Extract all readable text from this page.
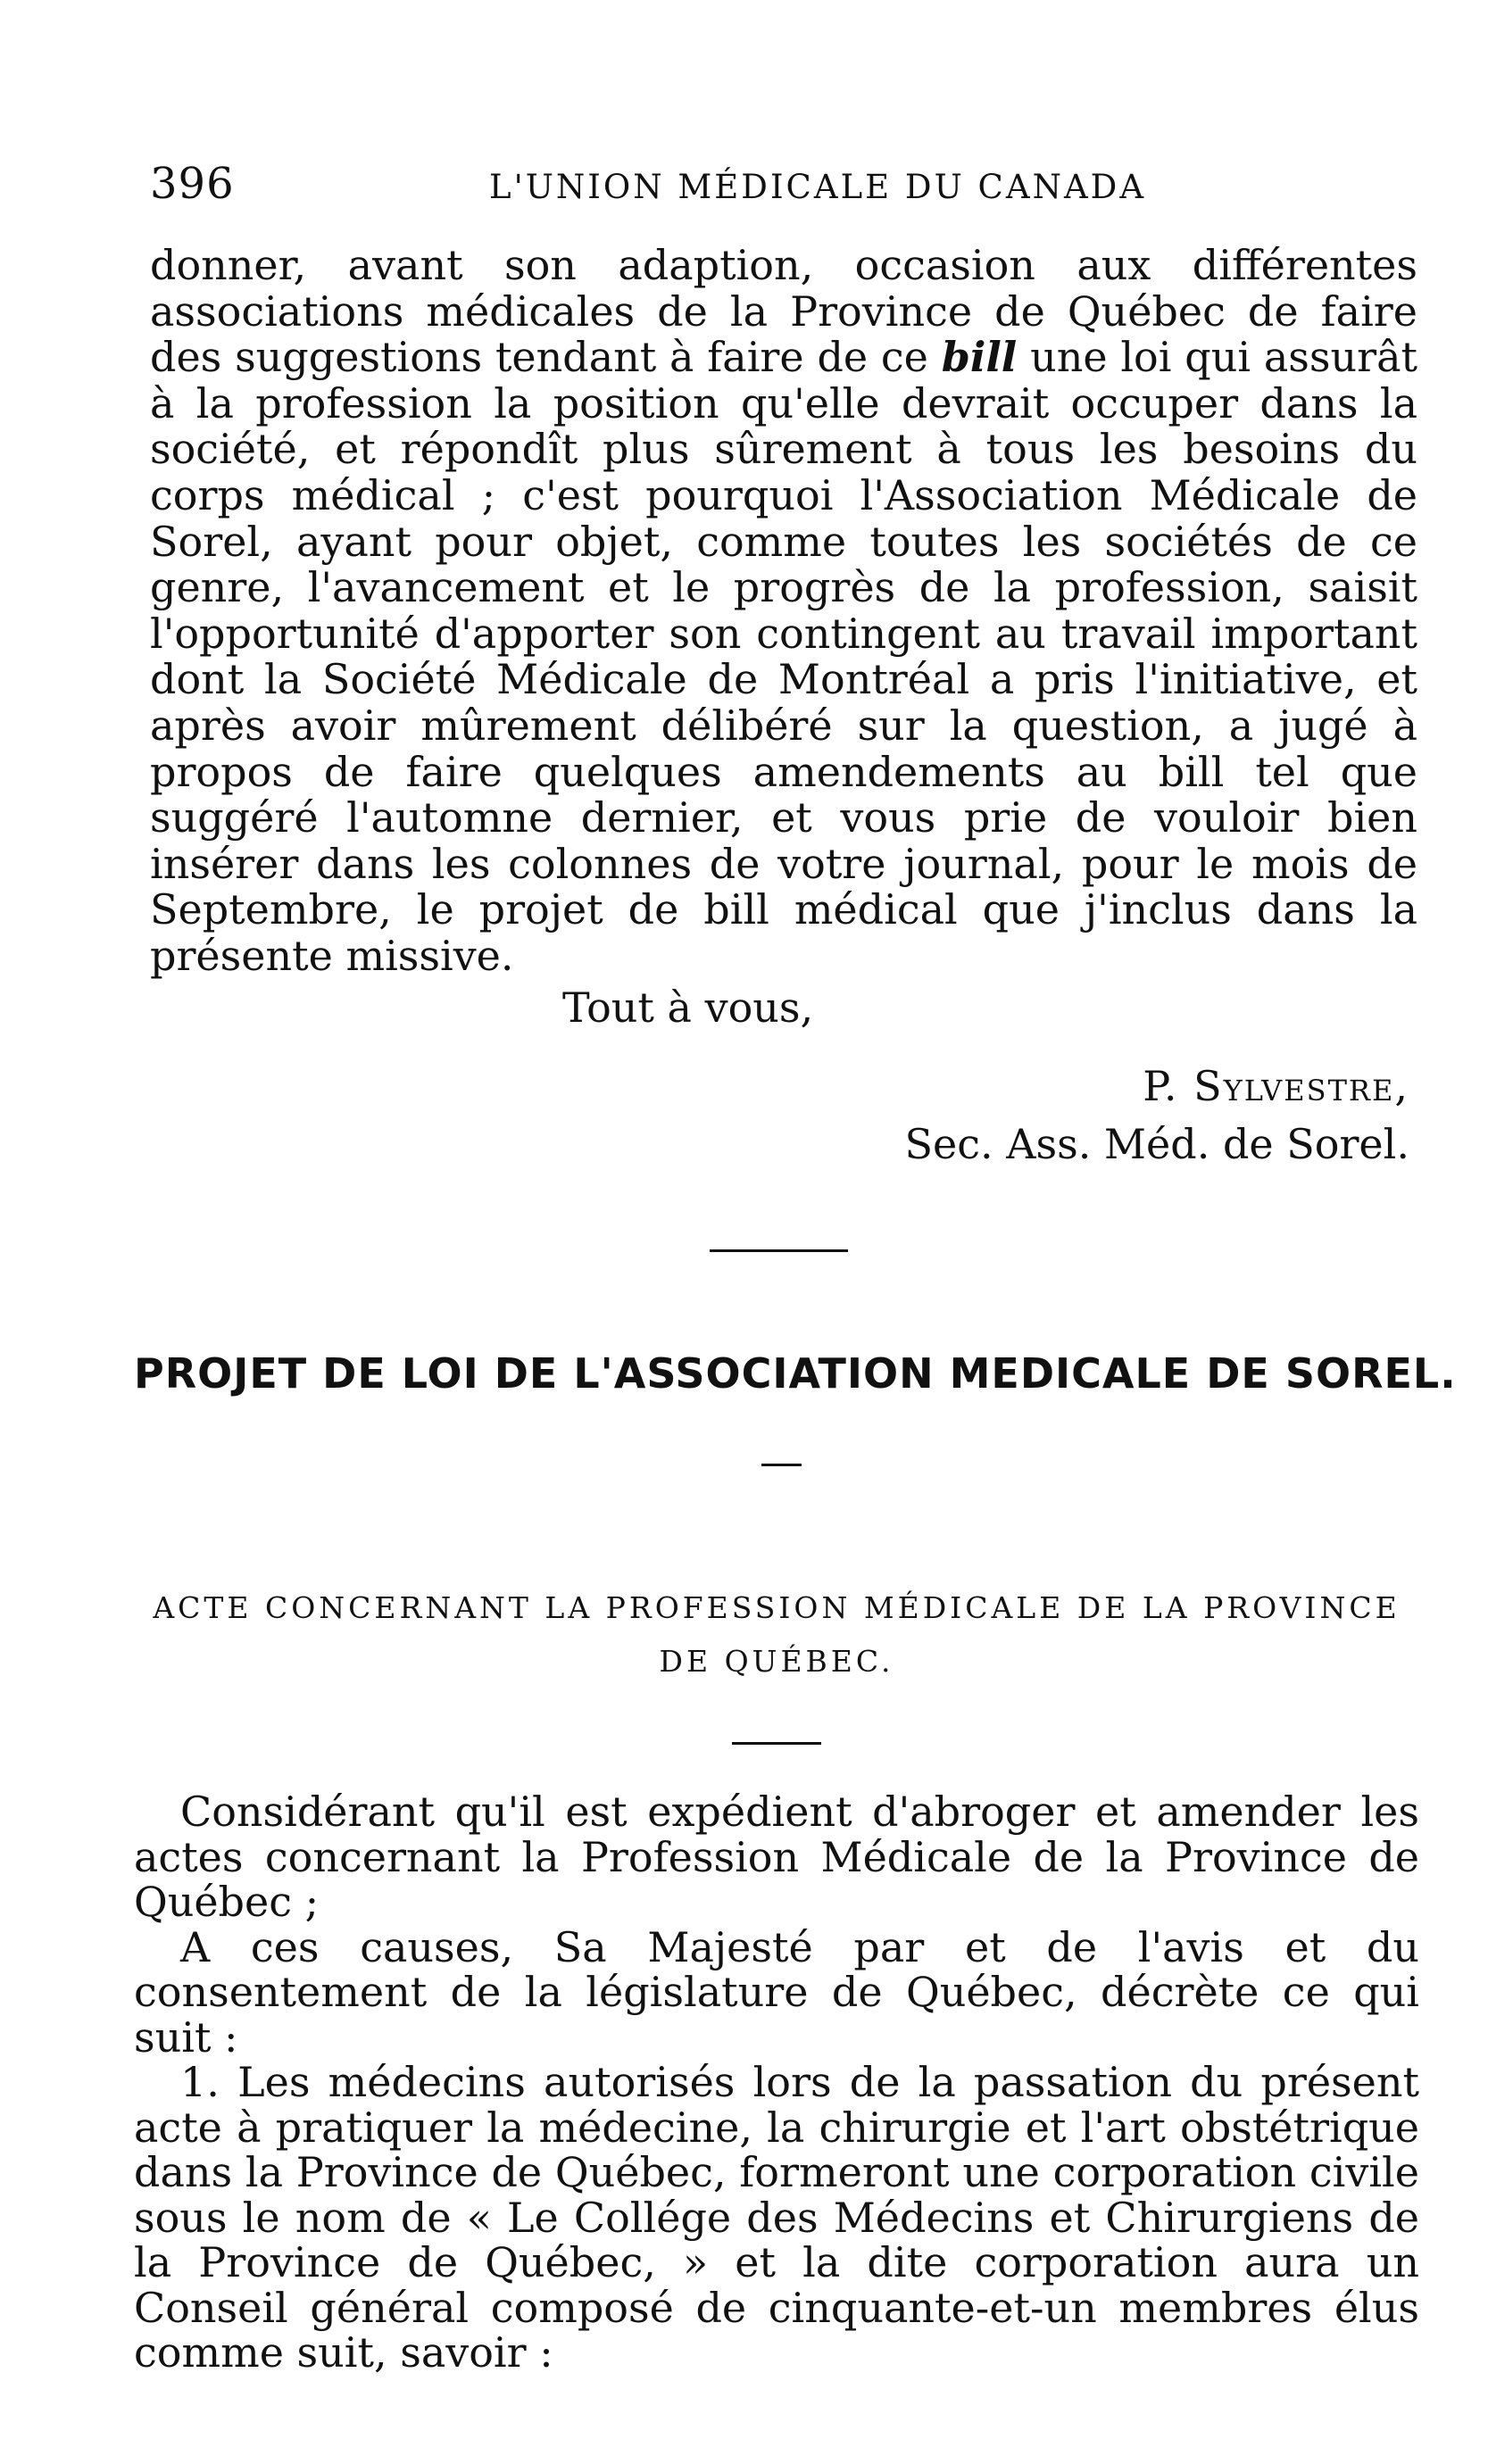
396	L'UNION MÉDICALE DU CANADA

donner, avant son adaption, occasion aux différentes associations médicales de la Province de Québec de faire des suggestions tendant à faire de ce bill une loi qui assurât à la profession la position qu'elle devrait occuper dans la société, et répondît plus sûrement à tous les besoins du corps médical ; c'est pourquoi l'Association Médicale de Sorel, ayant pour objet, comme toutes les sociétés de ce genre, l'avancement et le progrès de la profession, saisit l'opportunité d'apporter son contingent au travail important dont la Société Médicale de Montréal a pris l'initiative, et après avoir mûrement délibéré sur la question, a jugé à propos de faire quelques amendements au bill tel que suggéré l'automne dernier, et vous prie de vouloir bien insérer dans les colonnes de votre journal, pour le mois de Septembre, le projet de bill médical que j'inclus dans la présente missive.

Tout à vous,
P. Sylvestre,
Sec. Ass. Méd. de Sorel.
PROJET DE LOI DE L'ASSOCIATION MEDICALE DE SOREL.

ACTE CONCERNANT LA PROFESSION MÉDICALE DE LA PROVINCE
DE QUÉBEC.

Considérant qu'il est expédient d'abroger et amender les actes concernant la Profession Médicale de la Province de Québec ;

A ces causes, Sa Majesté par et de l'avis et du consentement de la législature de Québec, décrète ce qui suit :

1. Les médecins autorisés lors de la passation du présent acte à pratiquer la médecine, la chirurgie et l'art obstétrique dans la Province de Québec, formeront une corporation civile sous le nom de « Le Collége des Médecins et Chirurgiens de la Province de Québec, » et la dite corporation aura un Conseil général composé de cinquante-et-un membres élus comme suit, savoir :
